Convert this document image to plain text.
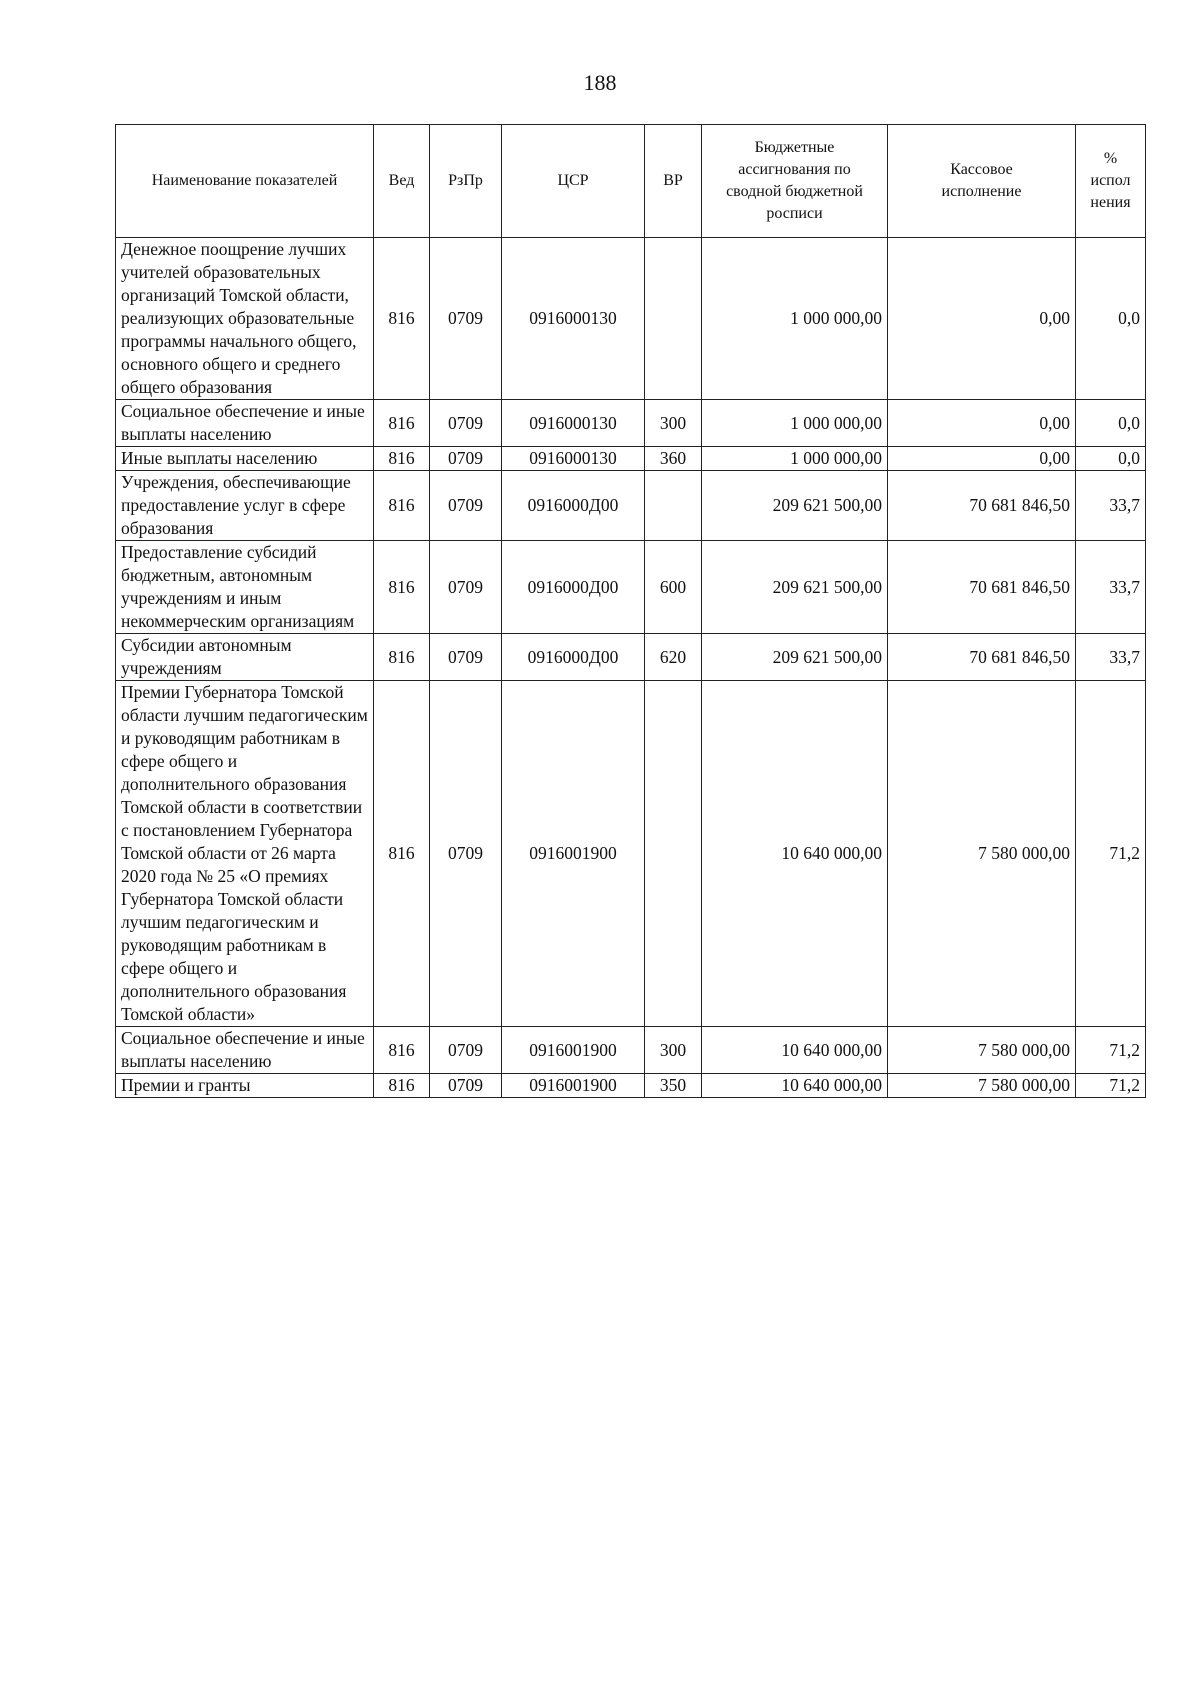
188
Наименование показателей	Вед	РзПр	ЦСР	ВР	Бюджетные ассигнования по сводной бюджетной росписи	Кассовое исполнение	% испол нения
Денежное поощрение лучших учителей образовательных организаций Томской области, реализующих образовательные программы начального общего, основного общего и среднего общего образования	816	0709	0916000130		1 000 000,00	0,00	0,0
Социальное обеспечение и иные выплаты населению	816	0709	0916000130	300	1 000 000,00	0,00	0,0
Иные выплаты населению	816	0709	0916000130	360	1 000 000,00	0,00	0,0
Учреждения, обеспечивающие предоставление услуг в сфере образования	816	0709	0916000Д00		209 621 500,00	70 681 846,50	33,7
Предоставление субсидий бюджетным, автономным учреждениям и иным некоммерческим организациям	816	0709	0916000Д00	600	209 621 500,00	70 681 846,50	33,7
Субсидии автономным учреждениям	816	0709	0916000Д00	620	209 621 500,00	70 681 846,50	33,7
Премии Губернатора Томской области лучшим педагогическим и руководящим работникам в сфере общего и дополнительного образования Томской области в соответствии с постановлением Губернатора Томской области от 26 марта 2020 года № 25 «О премиях Губернатора Томской области лучшим педагогическим и руководящим работникам в сфере общего и дополнительного образования Томской области»	816	0709	0916001900		10 640 000,00	7 580 000,00	71,2
Социальное обеспечение и иные выплаты населению	816	0709	0916001900	300	10 640 000,00	7 580 000,00	71,2
Премии и гранты	816	0709	0916001900	350	10 640 000,00	7 580 000,00	71,2
